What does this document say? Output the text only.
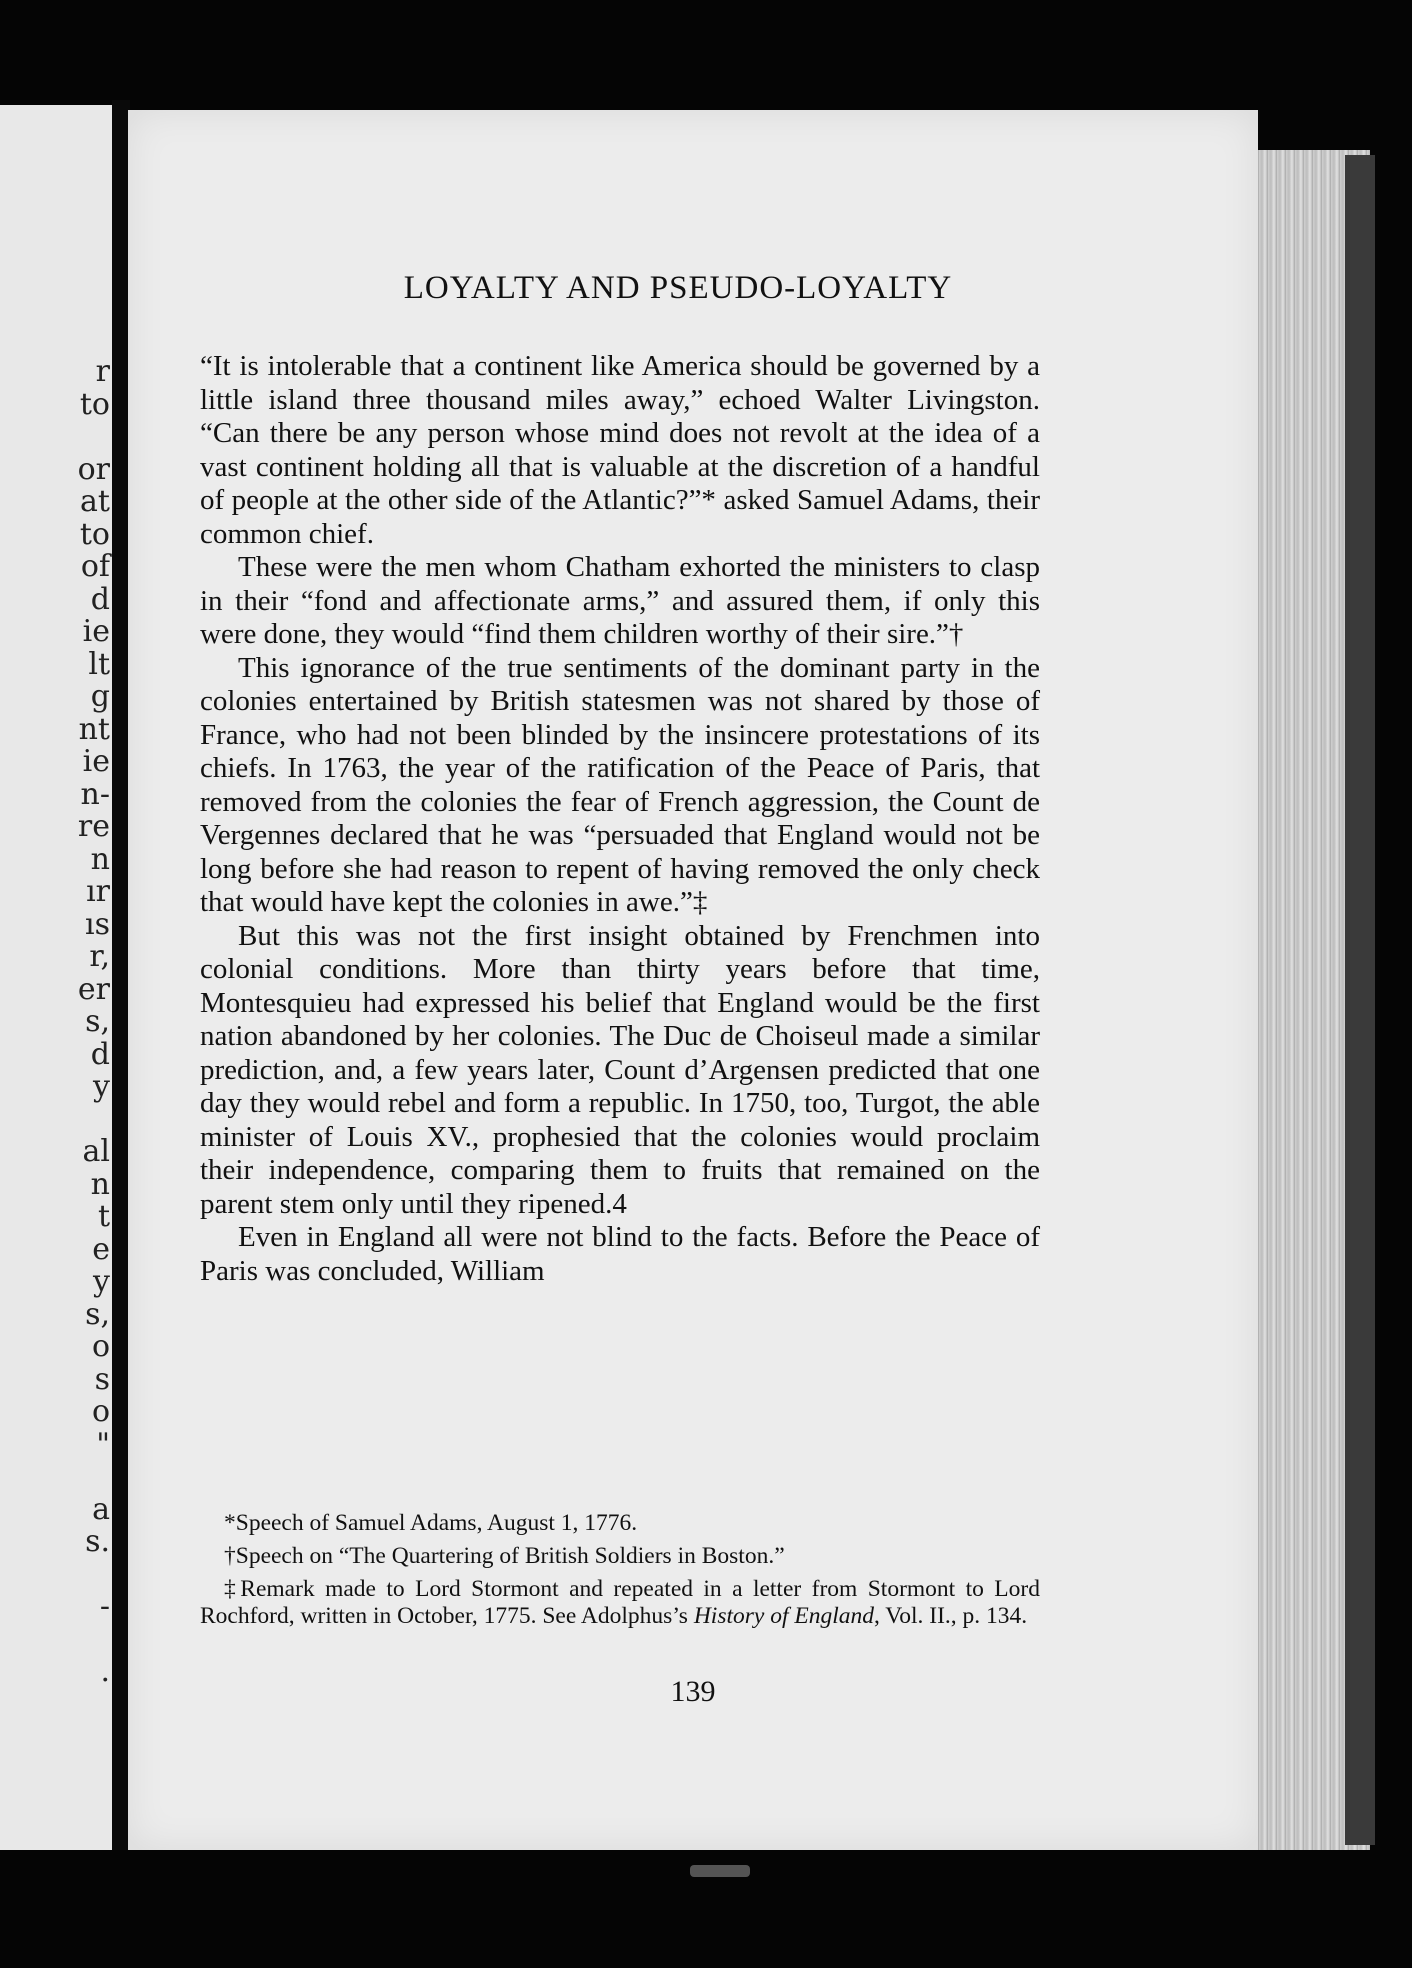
r
to
or
at
to
of
d
ie
lt
g
nt
ie
n-
re
n
ır
ıs
r,
er
s,
d
y
al
n
t
e
y
s,
o
s
o
"
a
s.
-
.
LOYALTY AND PSEUDO-LOYALTY

“It is intolerable that a continent like America should be governed by a little island three thousand miles away,” echoed Walter Livingston. “Can there be any person whose mind does not revolt at the idea of a vast continent holding all that is valuable at the discretion of a handful of people at the other side of the Atlantic?”* asked Samuel Adams, their common chief.

These were the men whom Chatham exhorted the ministers to clasp in their “fond and affectionate arms,” and assured them, if only this were done, they would “find them children worthy of their sire.”†

This ignorance of the true sentiments of the dominant party in the colonies entertained by British statesmen was not shared by those of France, who had not been blinded by the insincere protestations of its chiefs. In 1763, the year of the ratification of the Peace of Paris, that removed from the colonies the fear of French aggression, the Count de Vergennes declared that he was “persuaded that England would not be long before she had reason to repent of having removed the only check that would have kept the colonies in awe.”‡

But this was not the first insight obtained by Frenchmen into colonial conditions. More than thirty years before that time, Montesquieu had expressed his belief that England would be the first nation abandoned by her colonies. The Duc de Choiseul made a similar prediction, and, a few years later, Count d’Argensen predicted that one day they would rebel and form a republic. In 1750, too, Turgot, the able minister of Louis XV., prophesied that the colonies would proclaim their independence, comparing them to fruits that remained on the parent stem only until they ripened.4

Even in England all were not blind to the facts. Before the Peace of Paris was concluded, William

*Speech of Samuel Adams, August 1, 1776.

†Speech on “The Quartering of British Soldiers in Boston.”

‡Remark made to Lord Stormont and repeated in a letter from Stormont to Lord Rochford, written in October, 1775. See Adolphus’s History of England, Vol. II., p. 134.

139
